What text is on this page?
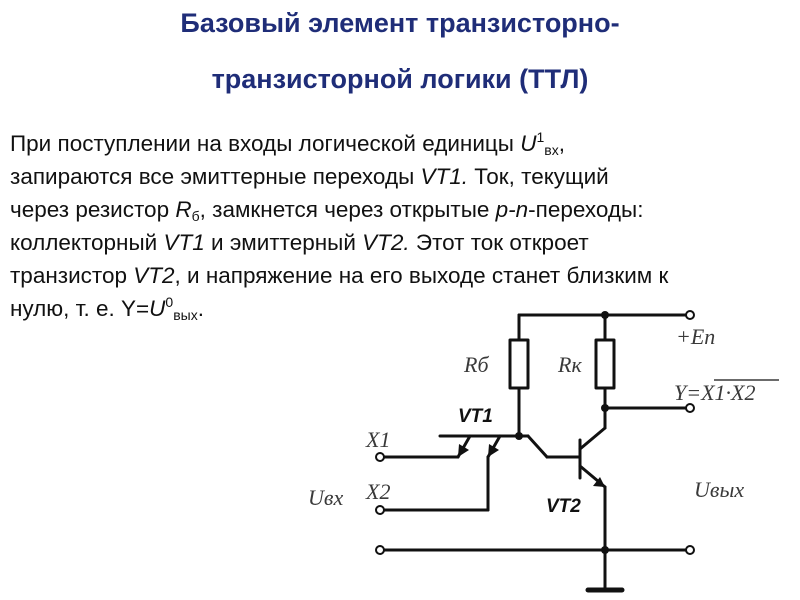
Базовый элемент транзисторно-
транзисторной логики (ТТЛ)

При поступлении на входы логической единицы $U^1_{вх}$,
запираются все эмиттерные переходы VT1. Ток, текущий
через резистор $R_б$, замкнется через открытые р-n-переходы:
коллекторный VT1 и эмиттерный VT2. Этот ток откроет
транзистор VT2, и напряжение на его выходе станет близким к
нулю, т. е. $Y=U^0_{вых}$.

Rб	Rк
+Eп
Y=X1·X2
X1
X2
VT1
VT2
Uвх	Uвых
